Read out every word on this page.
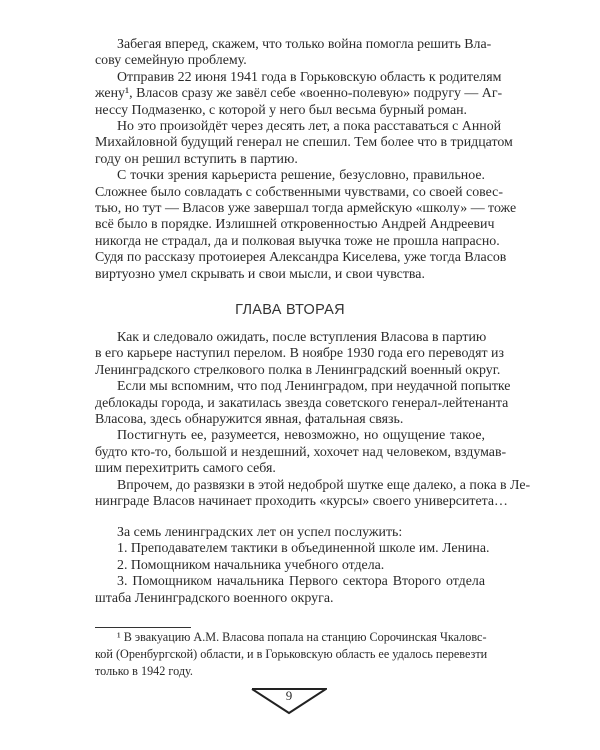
Забегая вперед, скажем, что только война помогла решить Вла-
сову семейную проблему.
Отправив 22 июня 1941 года в Горьковскую область к родителям
жену¹, Власов сразу же завёл себе «военно-полевую» подругу — Аг-
нессу Подмазенко, с которой у него был весьма бурный роман.
Но это произойдёт через десять лет, а пока расставаться с Анной
Михайловной будущий генерал не спешил. Тем более что в тридцатом
году он решил вступить в партию.
С точки зрения карьериста решение, безусловно, правильное.
Сложнее было совладать с собственными чувствами, со своей совес-
тью, но тут — Власов уже завершал тогда армейскую «школу» — тоже
всё было в порядке. Излишней откровенностью Андрей Андреевич
никогда не страдал, да и полковая выучка тоже не прошла напрасно.
Судя по рассказу протоиерея Александра Киселева, уже тогда Власов
виртуозно умел скрывать и свои мысли, и свои чувства.
ГЛАВА ВТОРАЯ
Как и следовало ожидать, после вступления Власова в партию
в его карьере наступил перелом. В ноябре 1930 года его переводят из
Ленинградского стрелкового полка в Ленинградский военный округ.
Если мы вспомним, что под Ленинградом, при неудачной попытке
деблокады города, и закатилась звезда советского генерал-лейтенанта
Власова, здесь обнаружится явная, фатальная связь.
Постигнуть ее, разумеется, невозможно, но ощущение такое,
будто кто-то, большой и нездешний, хохочет над человеком, вздумав-
шим перехитрить самого себя.
Впрочем, до развязки в этой недоброй шутке еще далеко, а пока в Ле-
нинграде Власов начинает проходить «курсы» своего университета…
За семь ленинградских лет он успел послужить:
1. Преподавателем тактики в объединенной школе им. Ленина.
2. Помощником начальника учебного отдела.
3. Помощником начальника Первого сектора Второго отдела
штаба Ленинградского военного округа.
¹ В эвакуацию А.М. Власова попала на станцию Сорочинская Чкаловс-
кой (Оренбургской) области, и в Горьковскую область ее удалось перевезти
только в 1942 году.
9
